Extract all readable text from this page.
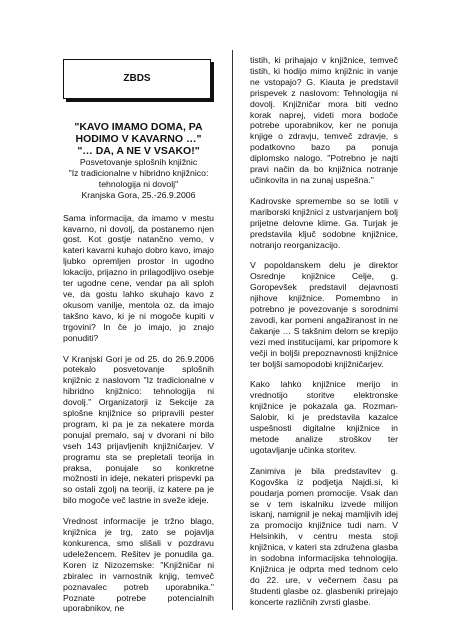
ZBDS
"KAVO IMAMO DOMA, PA
HODIMO V KAVARNO …"
"… DA, A NE V VSAKO!"
Posvetovanje splošnih knjižnic
"Iz tradicionalne v hibridno knjižnico:
tehnologija ni dovolj"
Kranjska Gora, 25.-26.9.2006

Sama informacija, da imamo v mestu kavarno, ni dovolj, da postanemo njen gost. Kot gostje natančno vemo, v kateri kavarni kuhajo dobro kavo, imajo ljubko opremljen prostor in ugodno lokacijo, prijazno in prilagodljivo osebje ter ugodne cene, vendar pa ali sploh ve, da gostu lahko skuhajo kavo z okusom vanilje, mentola oz. da imajo takšno kavo, ki je ni mogoče kupiti v trgovini? In če jo imajo, jo znajo ponuditi?

V Kranjski Gori je od 25. do 26.9.2006 potekalo posvetovanje splošnih knjižnic z naslovom "Iz tradicionalne v hibridno knjižnico: tehnologija ni dovolj." Organizatorji iz Sekcije za splošne knjižnice so pripravili pester program, ki pa je za nekatere morda ponujal premalo, saj v dvorani ni bilo vseh 143 prijavljenih knjižničarjev. V programu sta se prepletali teorija in praksa, ponujale so konkretne možnosti in ideje, nekateri prispevki pa so ostali zgolj na teoriji, iz katere pa je bilo mogoče več lastne in sveže ideje.

Vrednost informacije je tržno blago, knjižnica je trg, zato se pojavlja konkurenca, smo slišali v pozdravu udeležencem. Rešitev je ponudila ga. Koren iz Nizozemske: "Knjižničar ni zbiralec in varnostnik knjig, temveč poznavalec potreb uporabnika." Poznate potrebe potencialnih uporabnikov, ne

tistih, ki prihajajo v knjižnice, temveč tistih, ki hodijo mimo knjižnic in vanje ne vstopajo? G. Kiauta je predstavil prispevek z naslovom: Tehnologija ni dovolj. Knjižničar mora biti vedno korak naprej, videti mora bodoče potrebe uporabnikov, ker ne ponuja knjige o zdravju, temveč zdravje, s podatkovno bazo pa ponuja diplomsko nalogo. "Potrebno je najti pravi način da bo knjižnica notranje učinkovita in na zunaj uspešna."

Kadrovske spremembe so se lotili v mariborski knjižnici z ustvarjanjem bolj prijetne delovne klime. Ga. Turjak je predstavila ključ sodobne knjižnice, notranjo reorganizacijo.

V popoldanskem delu je direktor Osrednje knjižnice Celje, g. Goropevšek predstavil dejavnosti njihove knjižnice. Pomembno in potrebno je povezovanje s sorodnimi zavodi, kar pomeni angažiranost in ne čakanje … S takšnim delom se krepijo vezi med institucijami, kar pripomore k večji in boljši prepoznavnosti knjižnice ter boljši samopodobi knjižničarjev.

Kako lahko knjižnice merijo in vrednotijo storitve elektronske knjižnice je pokazala ga. Rozman-Salobir, ki je predstavila kazalce uspešnosti digitalne knjižnice in metode analize stroškov ter ugotavljanje učinka storitev.

Zanimiva je bila predstavitev g. Kogovška iz podjetja Najdi.si, ki poudarja pomen promocije. Vsak dan se v tem iskalniku izvede milijon iskanj, namignil je nekaj mamljivih idej za promocijo knjižnice tudi nam. V Helsinkih, v centru mesta stoji knjižnica, v kateri sta združena glasba in sodobna informacijska tehnologija. Knjižnica je odprta med tednom celo do 22. ure, v večernem času pa študenti glasbe oz. glasbeniki prirejajo koncerte različnih zvrsti glasbe.
